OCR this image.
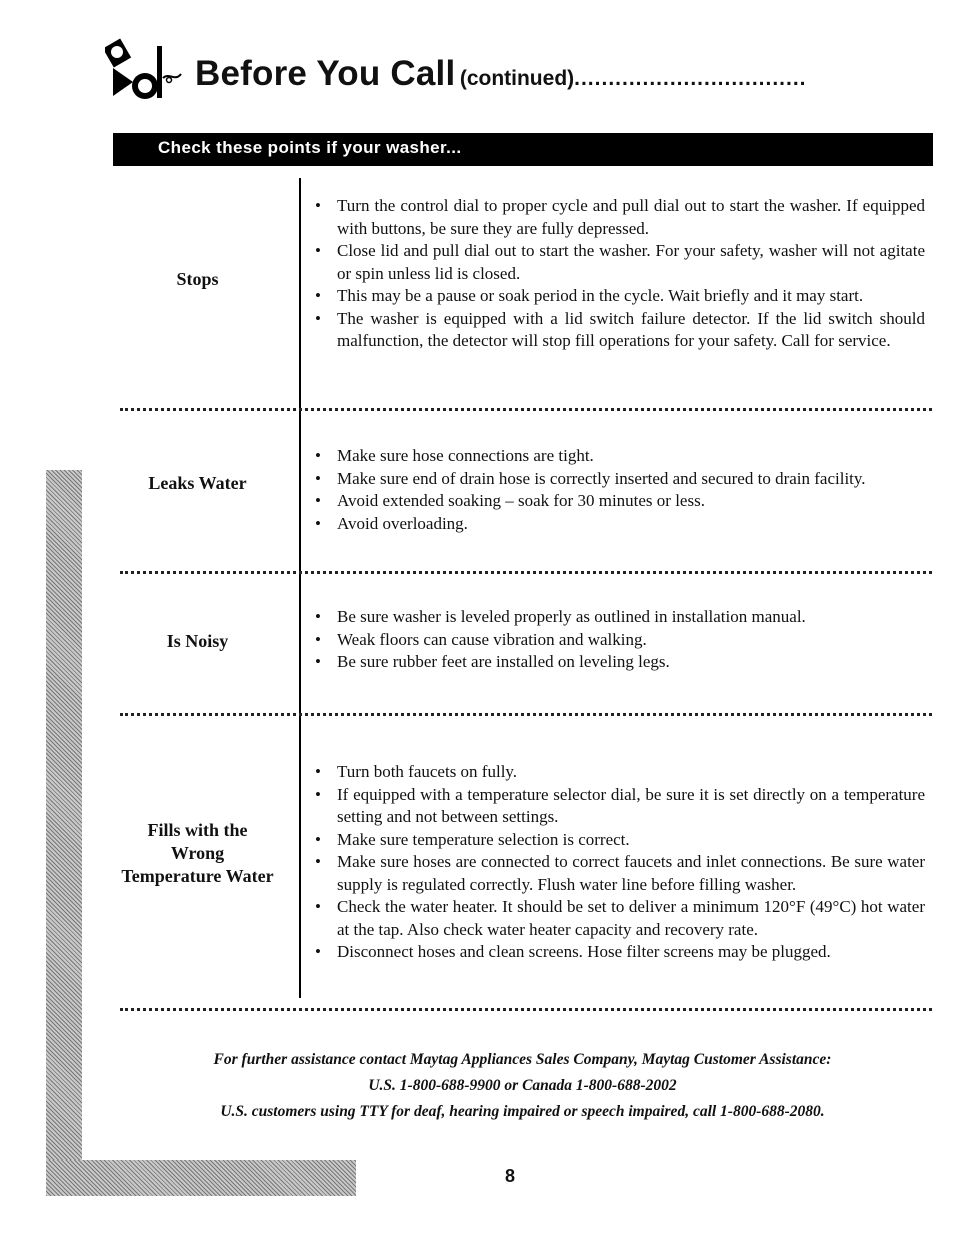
Before You Call (continued)..................................
Check these points if your washer...
Stops
• Turn the control dial to proper cycle and pull dial out to start the washer. If equipped with buttons, be sure they are fully depressed.
• Close lid and pull dial out to start the washer. For your safety, washer will not agitate or spin unless lid is closed.
• This may be a pause or soak period in the cycle. Wait briefly and it may start.
• The washer is equipped with a lid switch failure detector. If the lid switch should malfunction, the detector will stop fill operations for your safety. Call for service.
Leaks Water
• Make sure hose connections are tight.
• Make sure end of drain hose is correctly inserted and secured to drain facility.
• Avoid extended soaking – soak for 30 minutes or less.
• Avoid overloading.
Is Noisy
• Be sure washer is leveled properly as outlined in installation manual.
• Weak floors can cause vibration and walking.
• Be sure rubber feet are installed on leveling legs.
Fills with the Wrong Temperature Water
• Turn both faucets on fully.
• If equipped with a temperature selector dial, be sure it is set directly on a temperature setting and not between settings.
• Make sure temperature selection is correct.
• Make sure hoses are connected to correct faucets and inlet connections. Be sure water supply is regulated correctly. Flush water line before filling washer.
• Check the water heater. It should be set to deliver a minimum 120°F (49°C) hot water at the tap. Also check water heater capacity and recovery rate.
• Disconnect hoses and clean screens. Hose filter screens may be plugged.
For further assistance contact Maytag Appliances Sales Company, Maytag Customer Assistance:
U.S. 1-800-688-9900 or Canada 1-800-688-2002
U.S. customers using TTY for deaf, hearing impaired or speech impaired, call 1-800-688-2080.
8
